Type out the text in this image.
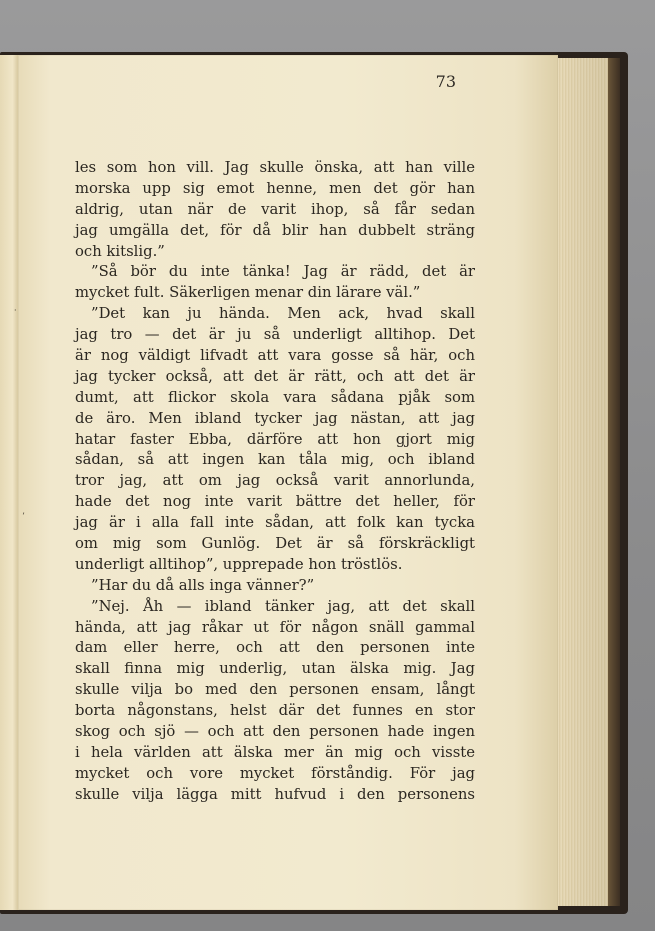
73
les som hon vill. Jag skulle önska, att han ville
morska upp sig emot henne, men det gör han
aldrig, utan när de varit ihop, så får sedan
jag umgälla det, för då blir han dubbelt sträng
och kitslig.”
”Så bör du inte tänka! Jag är rädd, det är
mycket fult. Säkerligen menar din lärare väl.”
”Det kan ju hända. Men ack, hvad skall
jag tro — det är ju så underligt alltihop. Det
är nog väldigt lifvadt att vara gosse så här, och
jag tycker också, att det är rätt, och att det är
dumt, att flickor skola vara sådana pjåk som
de äro. Men ibland tycker jag nästan, att jag
hatar faster Ebba, därföre att hon gjort mig
sådan, så att ingen kan tåla mig, och ibland
tror jag, att om jag också varit annorlunda,
hade det nog inte varit bättre det heller, för
jag är i alla fall inte sådan, att folk kan tycka
om mig som Gunlög. Det är så förskräckligt
underligt alltihop”, upprepade hon tröstlös.
”Har du då alls inga vänner?”
”Nej. Åh — ibland tänker jag, att det skall
hända, att jag råkar ut för någon snäll gammal
dam eller herre, och att den personen inte
skall finna mig underlig, utan älska mig. Jag
skulle vilja bo med den personen ensam, långt
borta någonstans, helst där det funnes en stor
skog och sjö — och att den personen hade ingen
i hela världen att älska mer än mig och visste
mycket och vore mycket förståndig. För jag
skulle vilja lägga mitt hufvud i den personens
·
ʼ
